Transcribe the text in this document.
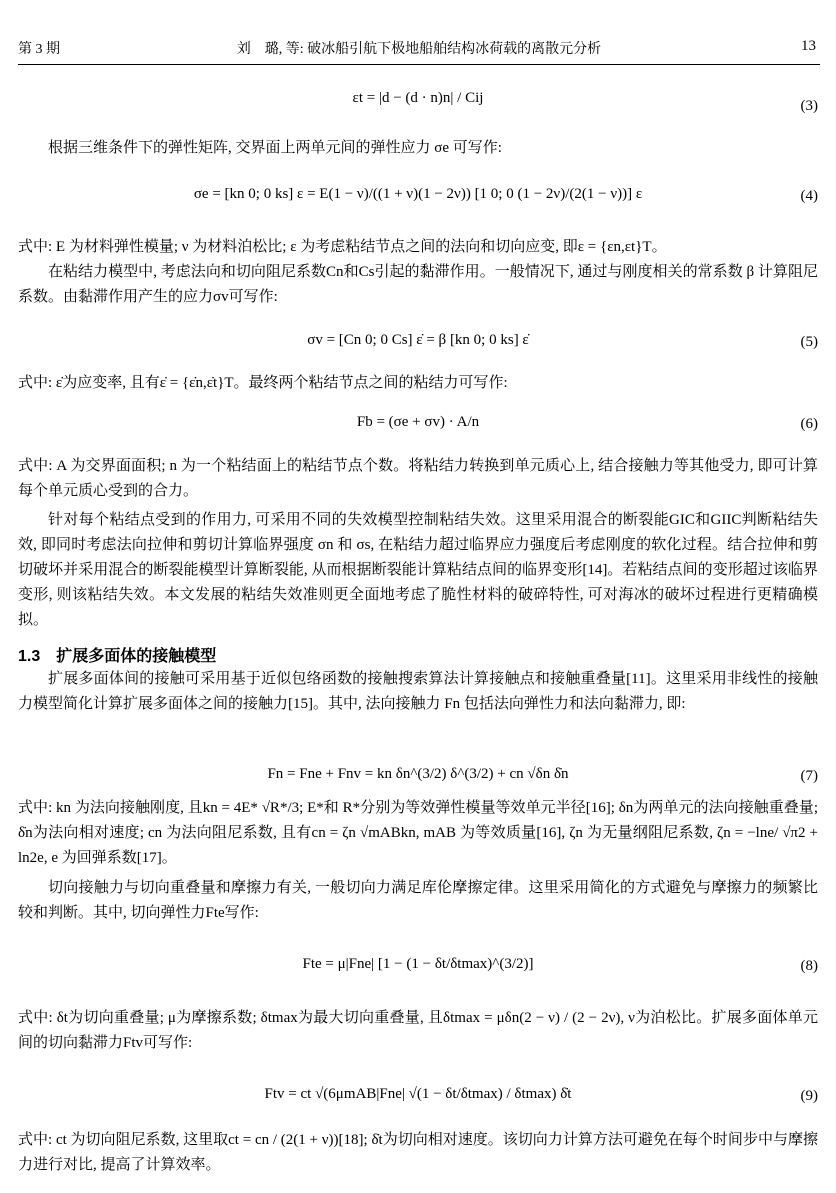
第 3 期	刘　璐, 等: 破冰船引航下极地船舶结构冰荷载的离散元分析	13
εt = |d − (d · n)n| / Cij	(3)

根据三维条件下的弹性矩阵, 交界面上两单元间的弹性应力 σe 可写作:

σe = [kn 0; 0 ks] ε = E(1 − ν)/((1 + ν)(1 − 2ν)) [1 0; 0 (1 − 2ν)/(2(1 − ν))] ε	(4)

式中: E 为材料弹性模量; ν 为材料泊松比; ε 为考虑粘结节点之间的法向和切向应变, 即ε = {εn,εt}T。

在粘结力模型中, 考虑法向和切向阻尼系数Cn和Cs引起的黏滞作用。一般情况下, 通过与刚度相关的常系数 β 计算阻尼系数。由黏滞作用产生的应力σv可写作:

σv = [Cn 0; 0 Cs] ε̇ = β [kn 0; 0 ks] ε̇	(5)

式中: ε̇为应变率, 且有ε̇ = {ε̇n,ε̇t}T。最终两个粘结节点之间的粘结力可写作:

Fb = (σe + σv) · A/n	(6)

式中: A 为交界面面积; n 为一个粘结面上的粘结节点个数。将粘结力转换到单元质心上, 结合接触力等其他受力, 即可计算每个单元质心受到的合力。

针对每个粘结点受到的作用力, 可采用不同的失效模型控制粘结失效。这里采用混合的断裂能GIC和GIIC判断粘结失效, 即同时考虑法向拉伸和剪切计算临界强度 σn 和 σs, 在粘结力超过临界应力强度后考虑刚度的软化过程。结合拉伸和剪切破坏并采用混合的断裂能模型计算断裂能, 从而根据断裂能计算粘结点间的临界变形[14]。若粘结点间的变形超过该临界变形, 则该粘结失效。本文发展的粘结失效准则更全面地考虑了脆性材料的破碎特性, 可对海冰的破坏过程进行更精确模拟。

1.3　扩展多面体的接触模型

扩展多面体间的接触可采用基于近似包络函数的接触搜索算法计算接触点和接触重叠量[11]。这里采用非线性的接触力模型简化计算扩展多面体之间的接触力[15]。其中, 法向接触力 Fn 包括法向弹性力和法向黏滞力, 即:

Fn = Fne + Fnv = kn δn^(3/2) δ^(3/2) + cn √δn δ̇n	(7)

式中: kn 为法向接触刚度, 且kn = 4E* √R*/3; E*和 R*分别为等效弹性模量等效单元半径[16]; δn为两单元的法向接触重叠量; δ̇n为法向相对速度; cn 为法向阻尼系数, 且有cn = ζn √mABkn, mAB 为等效质量[16], ζn 为无量纲阻尼系数, ζn = −lne/ √π2 + ln2e, e 为回弹系数[17]。

切向接触力与切向重叠量和摩擦力有关, 一般切向力满足库伦摩擦定律。这里采用简化的方式避免与摩擦力的频繁比较和判断。其中, 切向弹性力Fte写作:

Fte = μ|Fne| [1 − (1 − δt/δtmax)^(3/2)]	(8)

式中: δt为切向重叠量; μ为摩擦系数; δtmax为最大切向重叠量, 且δtmax = μδn(2 − ν) / (2 − 2ν), ν为泊松比。扩展多面体单元间的切向黏滞力Ftv可写作:

Ftv = ct √(6μmAB|Fne| √(1 − δt/δtmax) / δtmax) δ̇t	(9)

式中: ct 为切向阻尼系数, 这里取ct = cn / (2(1 + ν))[18]; δ̇t为切向相对速度。该切向力计算方法可避免在每个时间步中与摩擦力进行对比, 提高了计算效率。
